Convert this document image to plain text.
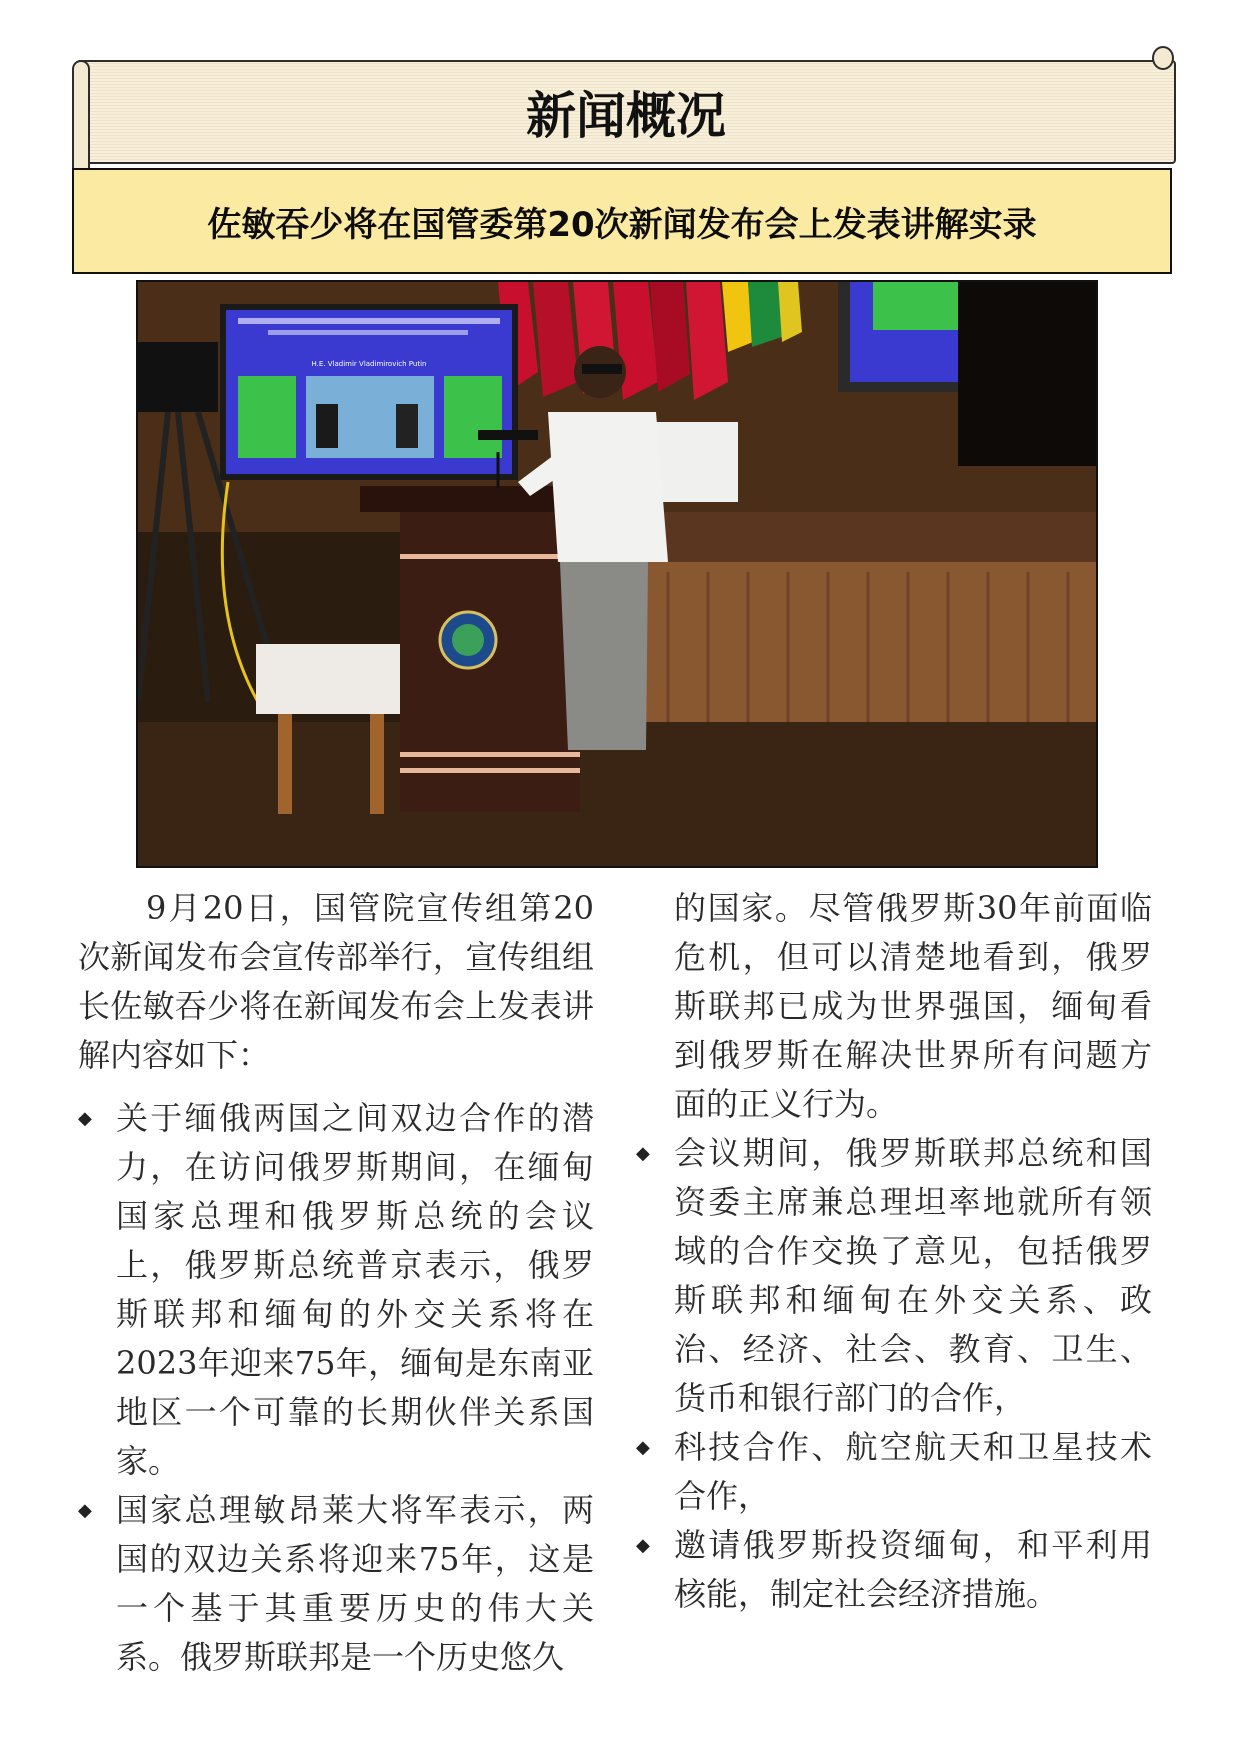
新闻概况
佐敏吞少将在国管委第20次新闻发布会上发表讲解实录
H.E. Vladimir Vladimirovich Putin

9月20日，国管院宣传组第20次新闻发布会宣传部举行，宣传组组长佐敏吞少将在新闻发布会上发表讲解内容如下：

◆ 关于缅俄两国之间双边合作的潜力，在访问俄罗斯期间，在缅甸国家总理和俄罗斯总统的会议上，俄罗斯总统普京表示，俄罗斯联邦和缅甸的外交关系将在2023年迎来75年，缅甸是东南亚地区一个可靠的长期伙伴关系国家。

◆ 国家总理敏昂莱大将军表示，两国的双边关系将迎来75年，这是一个基于其重要历史的伟大关系。俄罗斯联邦是一个历史悠久

的国家。尽管俄罗斯30年前面临危机，但可以清楚地看到，俄罗斯联邦已成为世界强国，缅甸看到俄罗斯在解决世界所有问题方面的正义行为。

◆ 会议期间，俄罗斯联邦总统和国资委主席兼总理坦率地就所有领域的合作交换了意见，包括俄罗斯联邦和缅甸在外交关系、政治、经济、社会、教育、卫生、货币和银行部门的合作，

◆ 科技合作、航空航天和卫星技术合作，

◆ 邀请俄罗斯投资缅甸，和平利用核能，制定社会经济措施。
